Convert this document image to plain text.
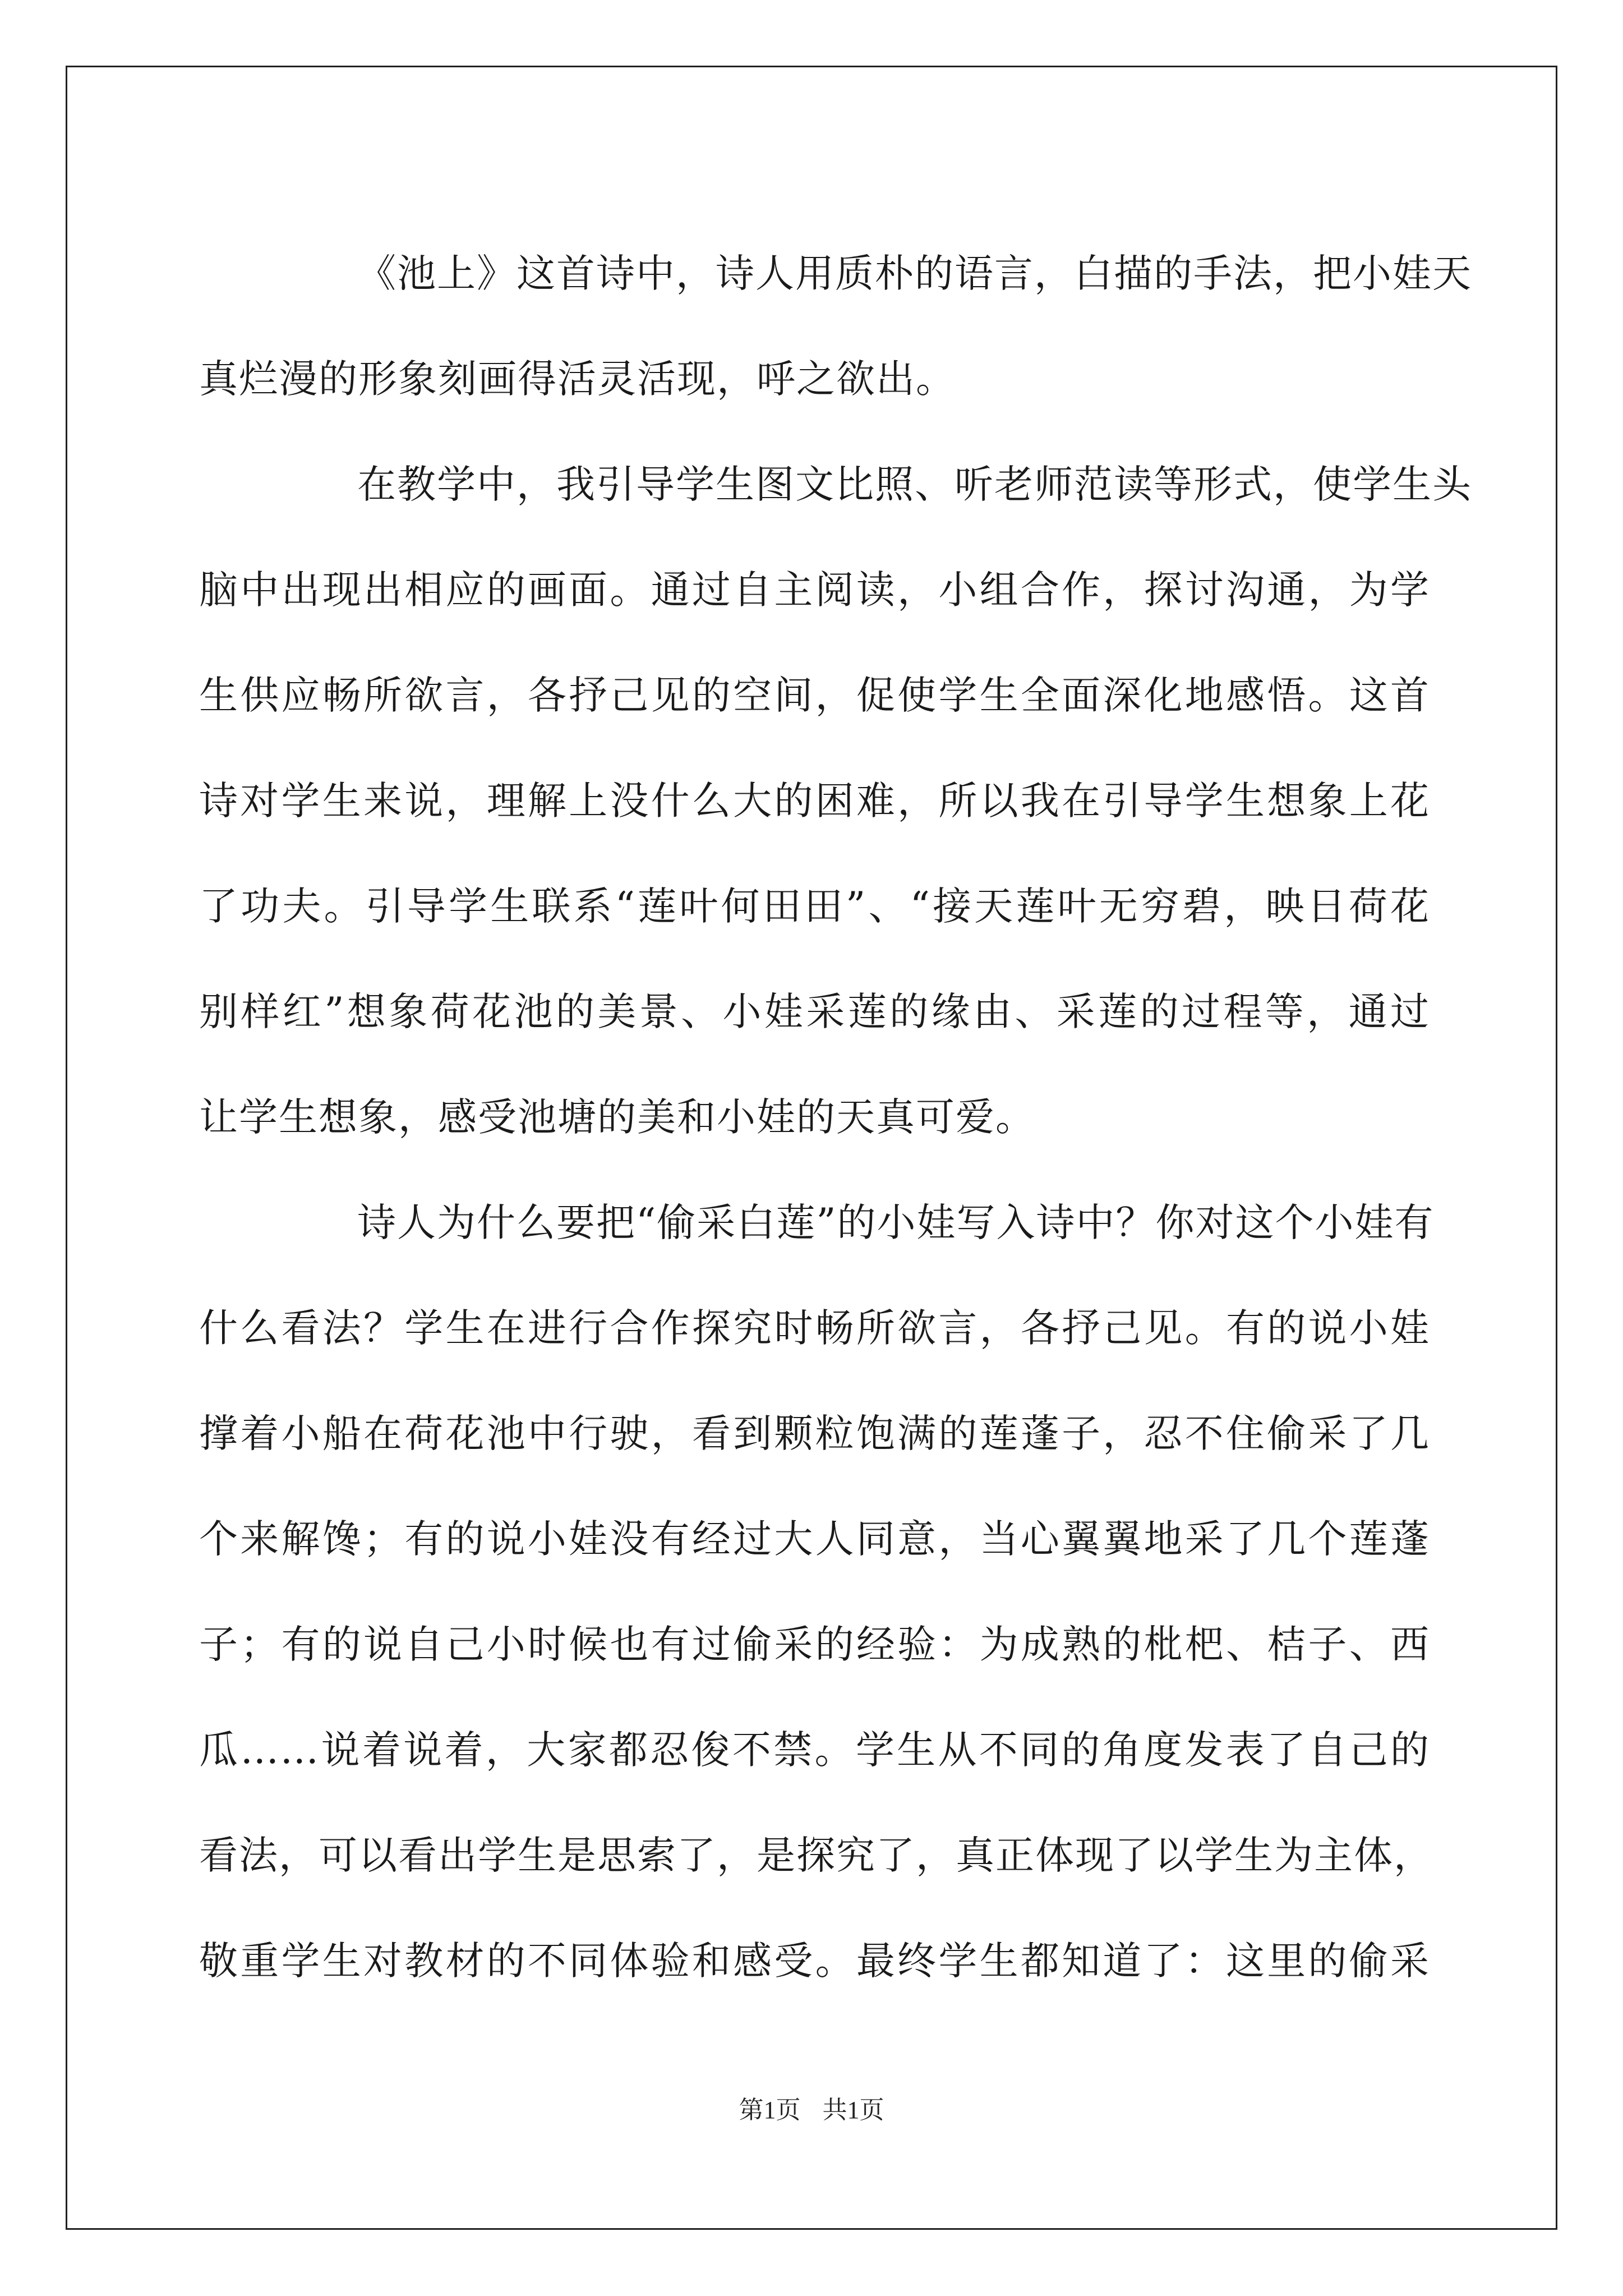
《池上》这首诗中，诗人用质朴的语言，白描的手法，把小娃天
真烂漫的形象刻画得活灵活现，呼之欲出。
在教学中，我引导学生图文比照、听老师范读等形式，使学生头
脑中出现出相应的画面。通过自主阅读，小组合作，探讨沟通，为学
生供应畅所欲言，各抒己见的空间，促使学生全面深化地感悟。这首
诗对学生来说，理解上没什么大的困难，所以我在引导学生想象上花
了功夫。引导学生联系“莲叶何田田”、“接天莲叶无穷碧，映日荷花
别样红”想象荷花池的美景、小娃采莲的缘由、采莲的过程等，通过
让学生想象，感受池塘的美和小娃的天真可爱。
诗人为什么要把“偷采白莲”的小娃写入诗中？你对这个小娃有
什么看法？学生在进行合作探究时畅所欲言，各抒己见。有的说小娃
撑着小船在荷花池中行驶，看到颗粒饱满的莲蓬子，忍不住偷采了几
个来解馋；有的说小娃没有经过大人同意，当心翼翼地采了几个莲蓬
子；有的说自己小时候也有过偷采的经验：为成熟的枇杷、桔子、西
瓜……说着说着，大家都忍俊不禁。学生从不同的角度发表了自己的
看法，可以看出学生是思索了，是探究了，真正体现了以学生为主体，
敬重学生对教材的不同体验和感受。最终学生都知道了：这里的偷采
第1页 共1页
